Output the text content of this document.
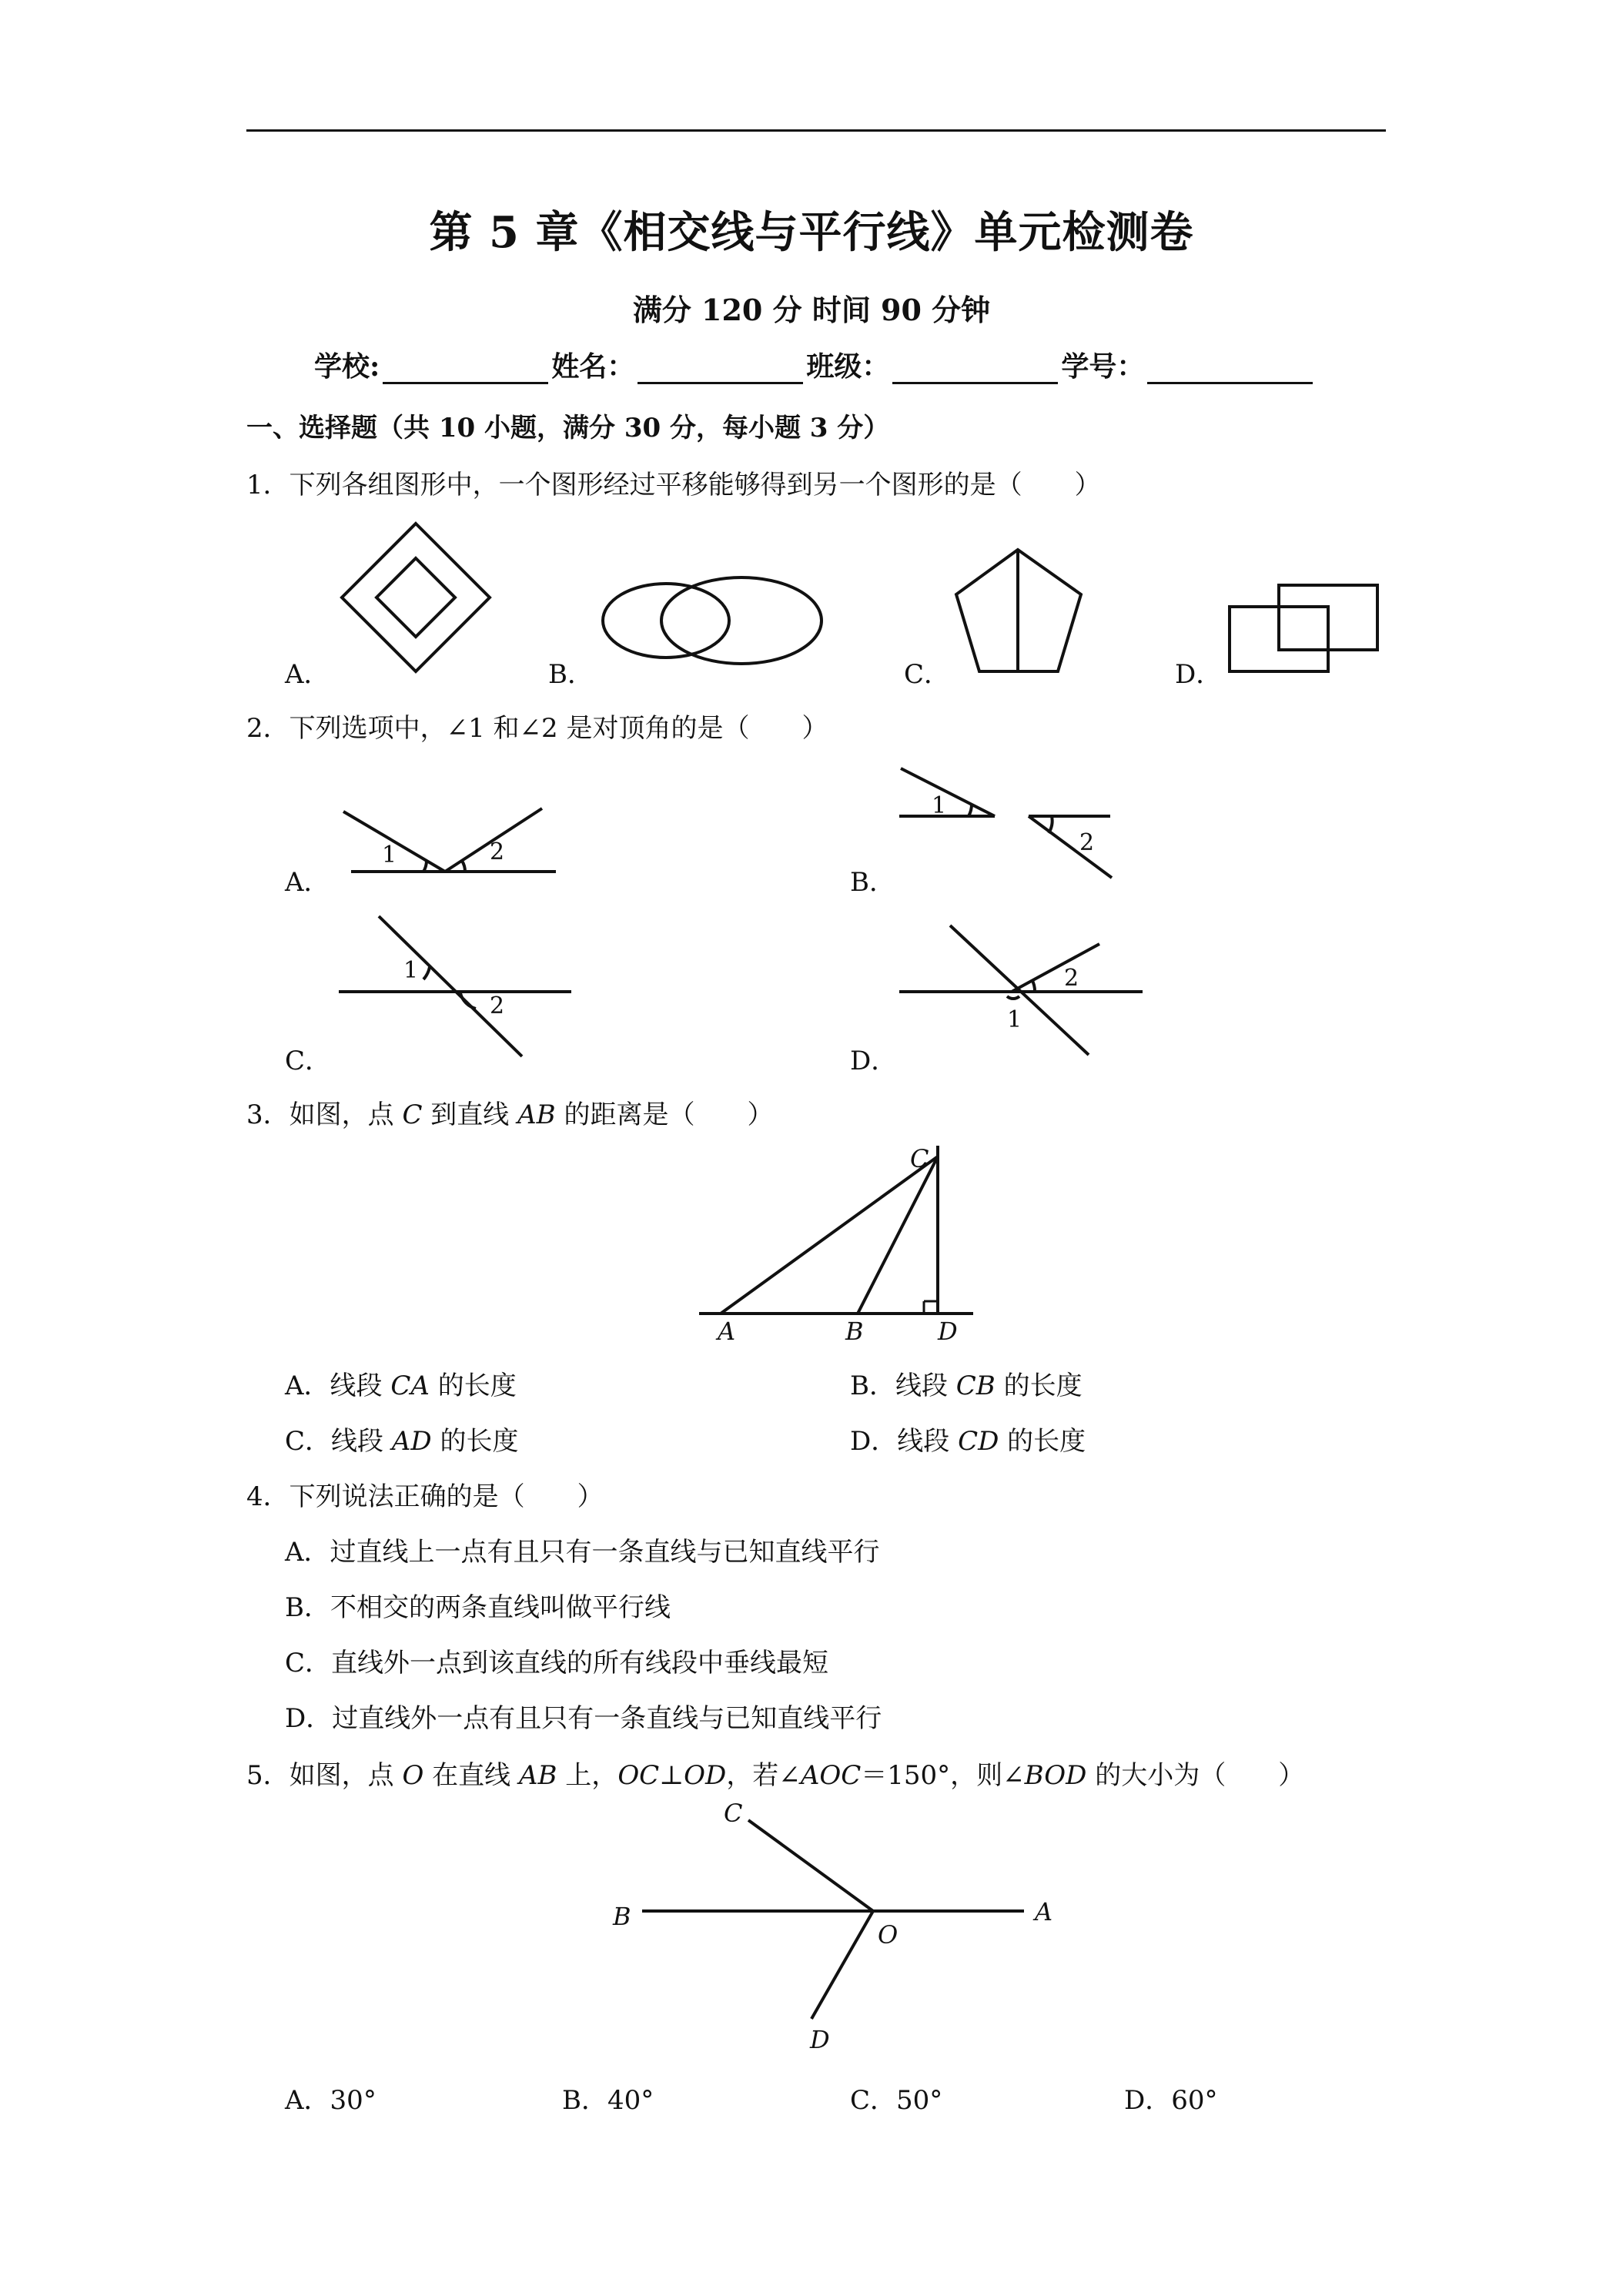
第 5 章《相交线与平行线》单元检测卷
满分 120 分 时间 90 分钟
学校:	姓名：	班级：	学号：
一、选择题（共 10 小题，满分 30 分，每小题 3 分）
1．下列各组图形中，一个图形经过平移能够得到另一个图形的是（　　）
A．	B．	C．	D．
2．下列选项中，∠1 和∠2 是对顶角的是（　　）
1	2
1
2
1
2
2
1
A．	B．
C．	D．
3．如图，点 C 到直线 AB 的距离是（　　）
C
A	B	D
A．线段 CA 的长度	B．线段 CB 的长度
C．线段 AD 的长度	D．线段 CD 的长度
4．下列说法正确的是（　　）
A．过直线上一点有且只有一条直线与已知直线平行
B．不相交的两条直线叫做平行线
C．直线外一点到该直线的所有线段中垂线最短
D．过直线外一点有且只有一条直线与已知直线平行
5．如图，点 O 在直线 AB 上，OC⊥OD，若∠AOC＝150°，则∠BOD 的大小为（　　）
C
B
O
A
D
A．30°	B．40°	C．50°	D．60°
